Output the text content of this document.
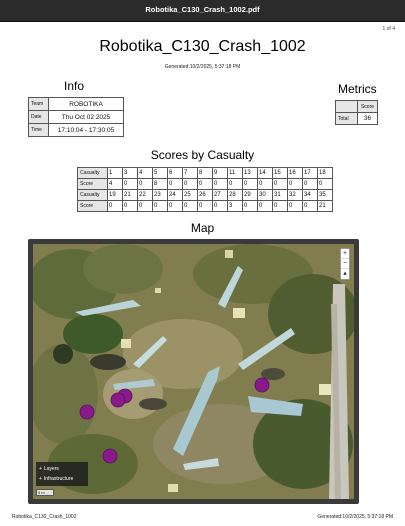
Robotika_C130_Crash_1002.pdf
1 of 4
Robotika_C130_Crash_1002
Generated:10/2/2025, 5:37:18 PM
Info
Team	ROBOTIKA
Date	Thu Oct 02 2025
Time	17:10:04 - 17:30:05
Metrics
	Score
Total	36
Scores by Casualty
Casualty	1	3	4	5	6	7	8	9	11	13	14	15	16	17	18
Score	4	0	0	8	0	0	0	0	0	0	0	0	0	0	0
Casualty	19	21	22	23	24	25	26	27	28	29	30	31	32	34	35
Score	0	0	0	0	0	0	0	0	3	0	0	0	0	0	21
Map
+
−
▴
+ Layers
+ Infrastructure
5 m
Robotika_C130_Crash_1002	Generated:10/2/2025, 5:37:18 PM
